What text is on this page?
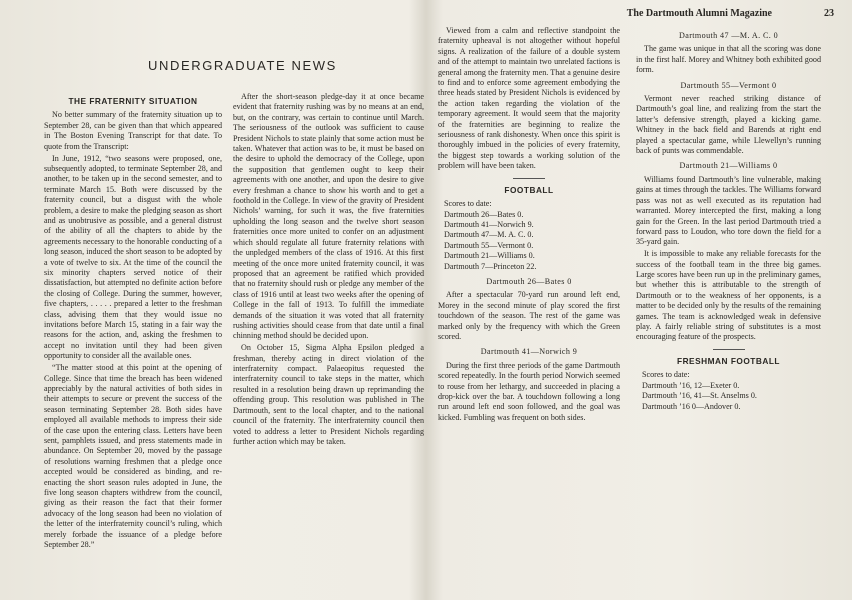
The Dartmouth Alumni Magazine	23
UNDERGRADUATE NEWS
THE FRATERNITY SITUATION

No better summary of the fraternity situation up to September 28, can be given than that which appeared in The Boston Evening Transcript for that date. To quote from the Transcript:

In June, 1912, “two seasons were proposed, one, subsequently adopted, to terminate September 28, and another, to be taken up in the second semester, and to terminate March 15. Both were discussed by the fraternity council, but a disgust with the whole problem, a desire to make the pledging season as short and as unobtrusive as possible, and a general distrust of the ability of all the chapters to abide by the agreements necessary to the honorable conducting of a long season, induced the short season to be adopted by a vote of twelve to six. At the time of the council the six minority chapters served notice of their dissatisfaction, but attempted no definite action before the closing of College. During the summer, however, five chapters, . . . . . prepared a letter to the freshman class, advising them that they would issue no invitations before March 15, stating in a fair way the reasons for the action, and, asking the freshmen to accept no invitation until they had been given opportunity to consider all the available ones.

“The matter stood at this point at the opening of College. Since that time the breach has been widened appreciably by the natural activities of both sides in their attempts to secure or prevent the success of the season terminating September 28. Both sides have employed all available methods to impress their side of the case upon the entering class. Letters have been sent, pamphlets issued, and press statements made in abundance. On September 20, moved by the passage of resolutions warning freshmen that a pledge once accepted would be considered as binding, and re-enacting the short season rules adopted in June, the five long season chapters withdrew from the council, giving as their reason the fact that their former advocacy of the long season had been no violation of the letter of the interfraternity council’s ruling, which merely forbade the issuance of a pledge before September 28.”

After the short-season pledge-day it at once became evident that fraternity rushing was by no means at an end, but, on the contrary, was certain to continue until March. The seriousness of the outlook was sufficient to cause President Nichols to state plainly that some action must be taken. Whatever that action was to be, it must be based on the desire to uphold the democracy of the College, upon the supposition that gentlemen ought to keep their agreements with one another, and upon the desire to give every freshman a chance to show his worth and to get a foothold in the College. In view of the gravity of President Nichols’ warning, for such it was, the five fraternities upholding the long season and the twelve short season fraternities once more united to confer on an adjustment which should regulate all future fraternity relations with the unpledged members of the class of 1916. At this first meeting of the once more united fraternity council, it was proposed that an agreement be ratified which provided that no fraternity should rush or pledge any member of the class of 1916 until at least two weeks after the opening of College in the fall of 1913. To fulfill the immediate demands of the situation it was voted that all fraternity rushing activities should cease from that date until a final chinning method should be decided upon.

On October 15, Sigma Alpha Epsilon pledged a freshman, thereby acting in direct violation of the interfraternity compact. Palaeopitus requested the interfraternity council to take steps in the matter, which resulted in a resolution being drawn up reprimanding the offending group. This resolution was published in The Dartmouth, sent to the local chapter, and to the national council of the fraternity. The interfraternity council then voted to address a letter to President Nichols regarding further action which may be taken.

Viewed from a calm and reflective standpoint the fraternity upheaval is not altogether without hopeful signs. A realization of the failure of a double system and of the attempt to maintain two unrelated factions is general among the fraternity men. That a genuine desire to find and to enforce some agreement embodying the three heads stated by President Nichols is evidenced by the action taken regarding the violation of the temporary agreement. It would seem that the majority of the fraternities are beginning to realize the seriousness of rank dishonesty. When once this spirit is thoroughly imbued in the policies of every fraternity, the biggest step towards a working solution of the problem will have been taken.

FOOTBALL
Scores to date:
Dartmouth 26—Bates 0.
Dartmouth 41—Norwich 9.
Dartmouth 47—M. A. C. 0.
Dartmouth 55—Vermont 0.
Dartmouth 21—Williams 0.
Dartmouth 7—Princeton 22.
Dartmouth 26—Bates 0

After a spectacular 70-yard run around left end, Morey in the second minute of play scored the first touchdown of the season. The rest of the game was marked only by the frequency with which the Green scored.

Dartmouth 41—Norwich 9

During the first three periods of the game Dartmouth scored repeatedly. In the fourth period Norwich seemed to rouse from her lethargy, and succeeded in placing a drop-kick over the bar. A touchdown following a long run around left end soon followed, and the goal was kicked. Fumbling was frequent on both sides.

Dartmouth 47 —M. A. C. 0

The game was unique in that all the scoring was done in the first half. Morey and Whitney both exhibited good form.

Dartmouth 55—Vermont 0

Vermont never reached striking distance of Dartmouth’s goal line, and realizing from the start the latter’s defensive strength, played a kicking game. Whitney in the back field and Barends at right end played a spectacular game, while Llewellyn’s running back of punts was commendable.

Dartmouth 21—Williams 0

Williams found Dartmouth’s line vulnerable, making gains at times through the tackles. The Williams forward pass was not as well executed as its reputation had warranted. Morey intercepted the first, making a long gain for the Green. In the last period Dartmouth tried a forward pass to Loudon, who tore down the field for a 35-yard gain.

It is impossible to make any reliable forecasts for the success of the football team in the three big games. Large scores have been run up in the preliminary games, but whether this is attributable to the strength of Dartmouth or to the weakness of her opponents, is a matter to be decided only by the results of the remaining games. The team is acknowledged weak in defensive play. A fairly reliable string of substitutes is a most encouraging feature of the prospects.

FRESHMAN FOOTBALL
Scores to date:
Dartmouth ’16, 12—Exeter 0.
Dartmouth ’16, 41—St. Anselms 0.
Dartmouth ’16 0—Andover 0.
